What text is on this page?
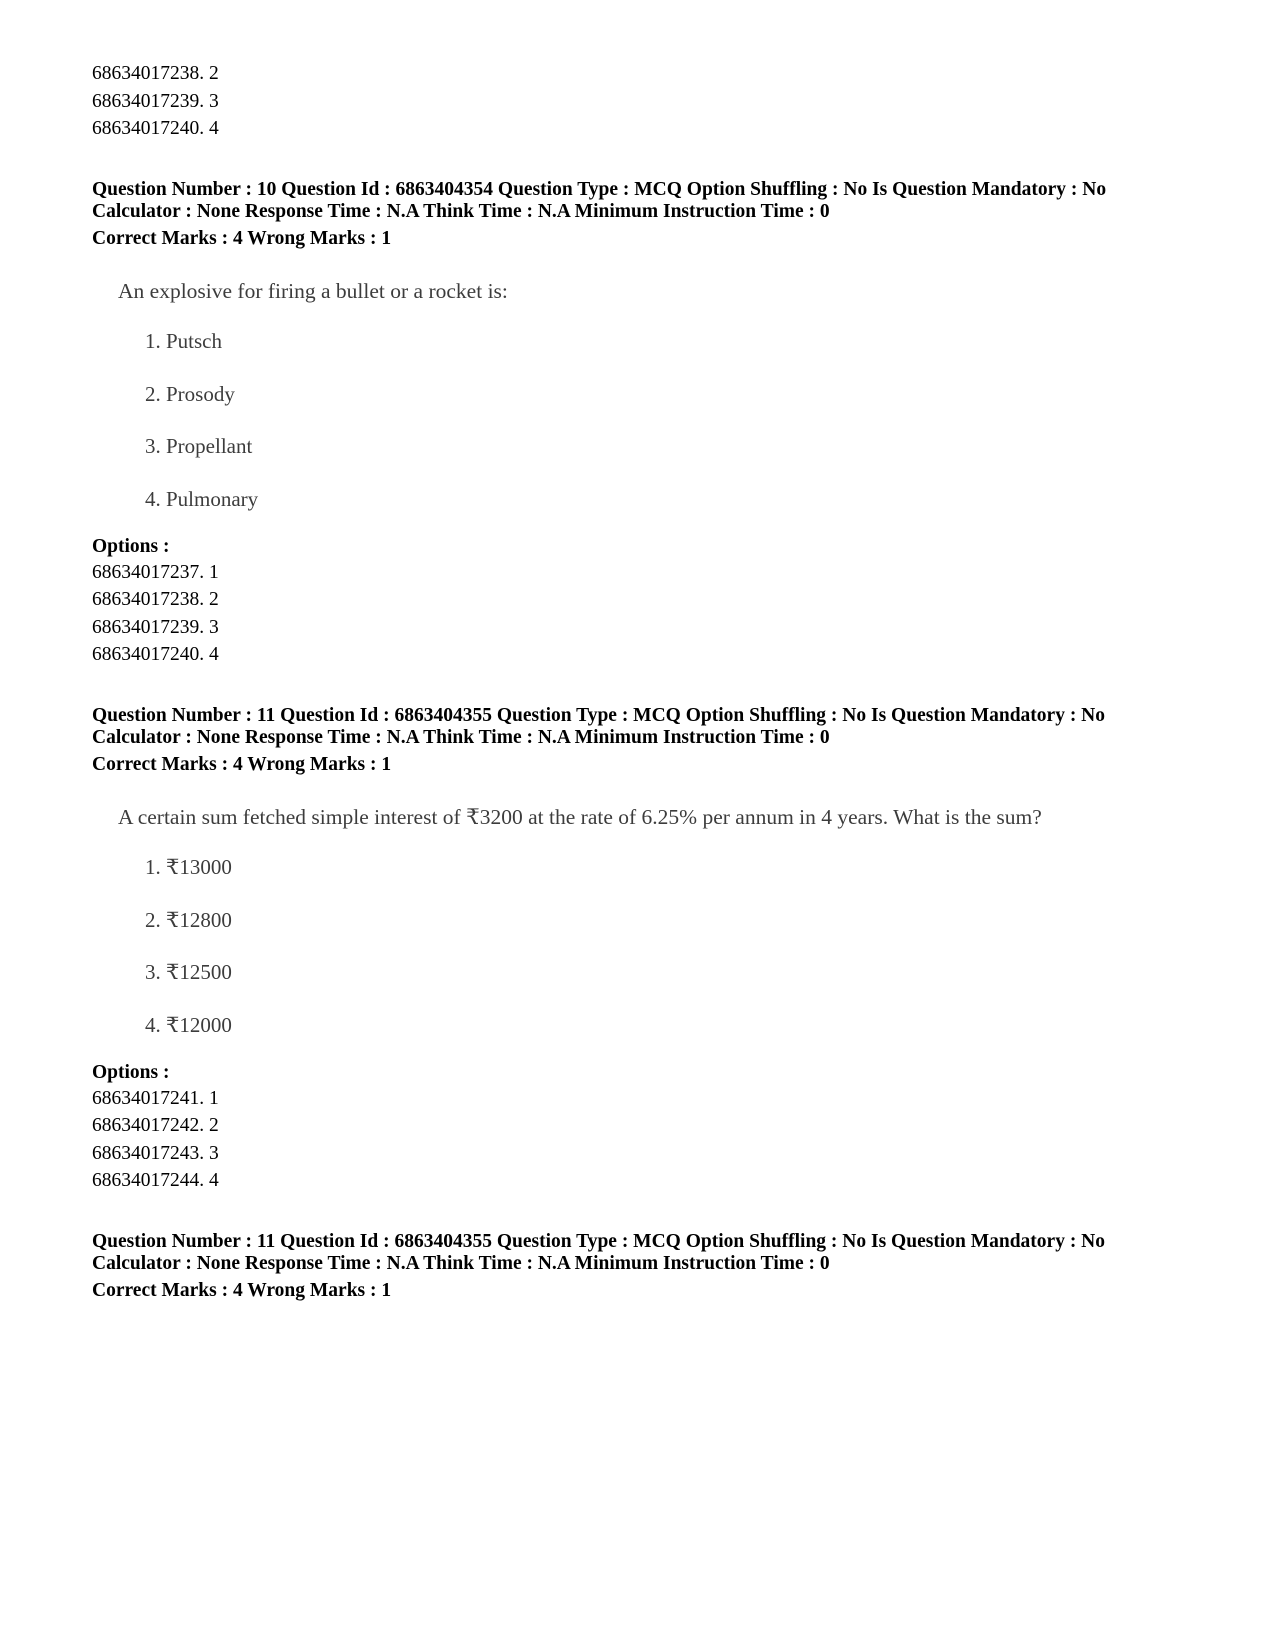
68634017238. 2
68634017239. 3
68634017240. 4
Question Number : 10 Question Id : 6863404354 Question Type : MCQ Option Shuffling : No Is Question Mandatory : No
Calculator : None Response Time : N.A Think Time : N.A Minimum Instruction Time : 0
Correct Marks : 4 Wrong Marks : 1
An explosive for firing a bullet or a rocket is:
1. Putsch
2. Prosody
3. Propellant
4. Pulmonary
Options :
68634017237. 1
68634017238. 2
68634017239. 3
68634017240. 4
Question Number : 11 Question Id : 6863404355 Question Type : MCQ Option Shuffling : No Is Question Mandatory : No
Calculator : None Response Time : N.A Think Time : N.A Minimum Instruction Time : 0
Correct Marks : 4 Wrong Marks : 1
A certain sum fetched simple interest of ₹3200 at the rate of 6.25% per annum in 4 years. What is the sum?
1. ₹13000
2. ₹12800
3. ₹12500
4. ₹12000
Options :
68634017241. 1
68634017242. 2
68634017243. 3
68634017244. 4
Question Number : 11 Question Id : 6863404355 Question Type : MCQ Option Shuffling : No Is Question Mandatory : No
Calculator : None Response Time : N.A Think Time : N.A Minimum Instruction Time : 0
Correct Marks : 4 Wrong Marks : 1
